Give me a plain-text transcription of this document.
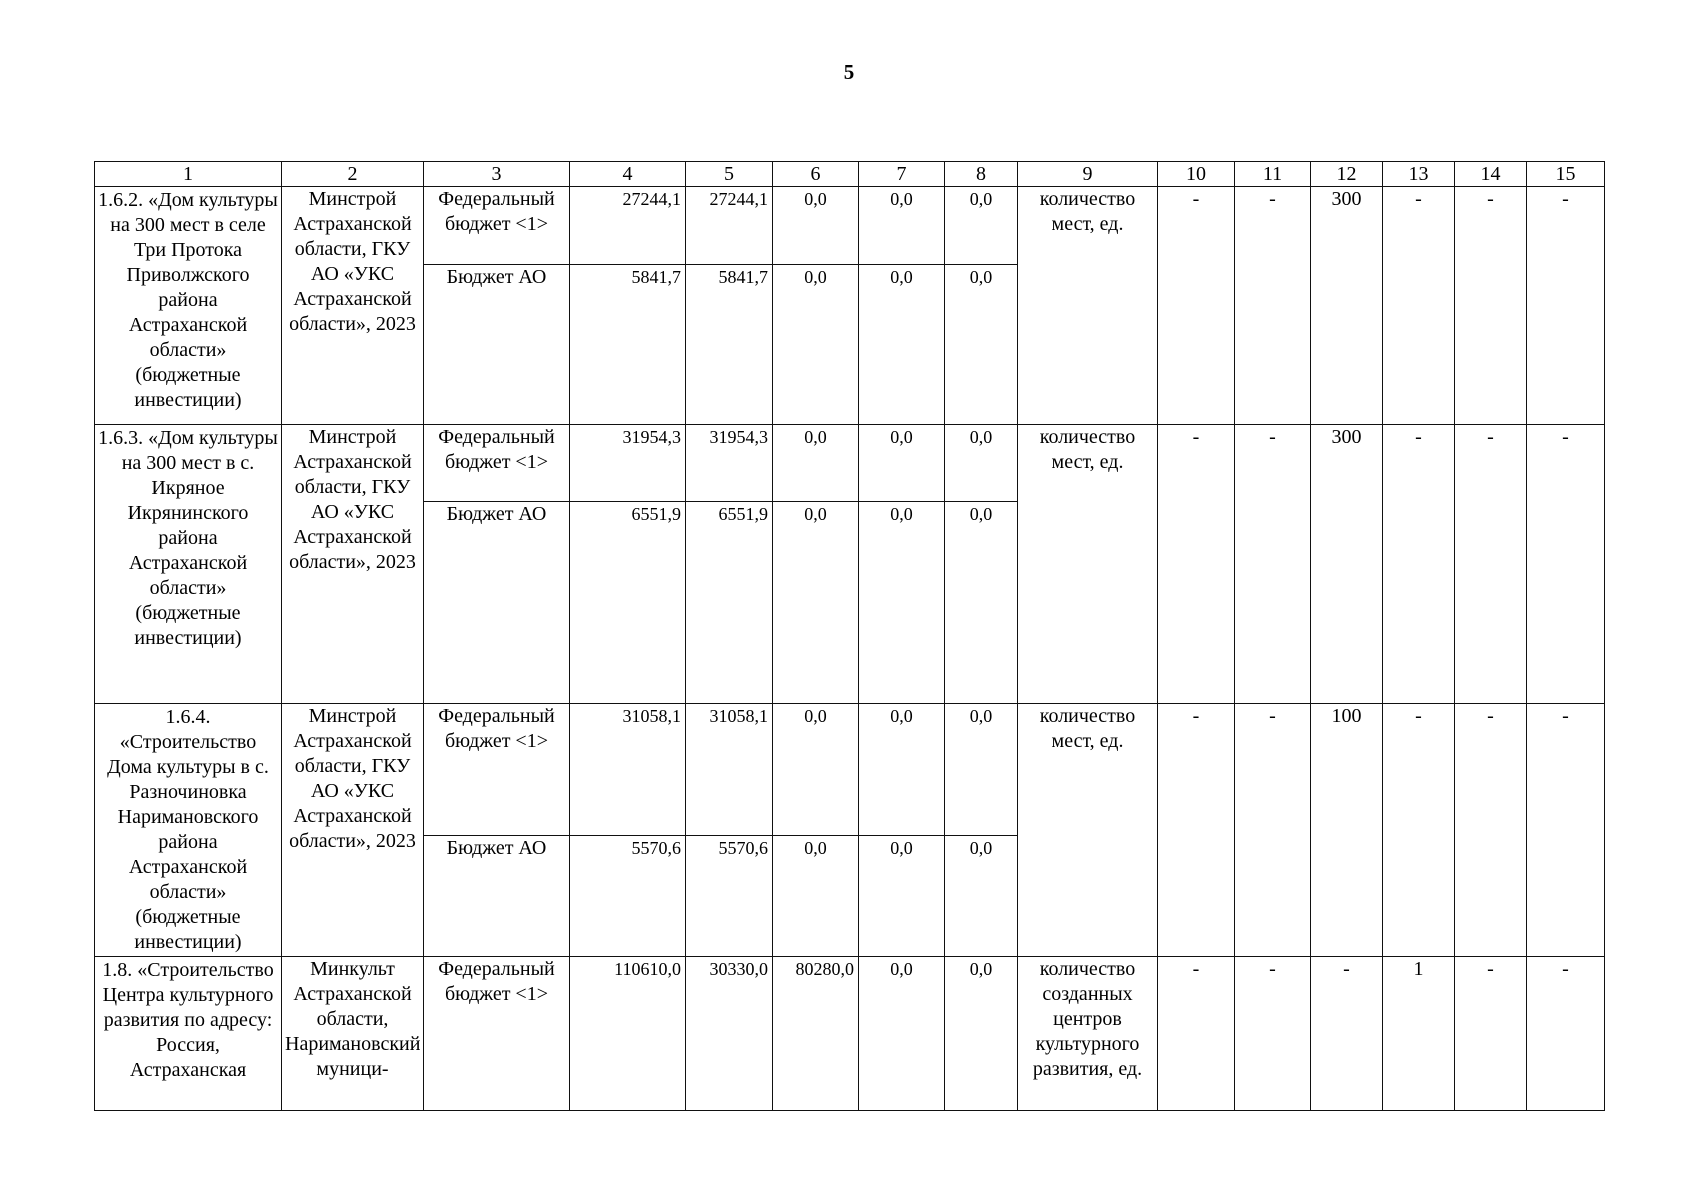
5
1	2	3	4	5	6	7	8	9	10	11	12	13	14	15
1.6.2. «Дом культуры на 300 мест в селе Три Протока Приволжского района Астраханской области» (бюджетные инвестиции)	Минстрой Астраханской области, ГКУ АО «УКС Астраханской области», 2023	Федеральный бюджет <1>	27244,1	27244,1	0,0	0,0	0,0	количество мест, ед.	-	-	300	-	-	-
		Бюджет АО	5841,7	5841,7	0,0	0,0	0,0							
1.6.3. «Дом культуры на 300 мест в с. Икряное Икрянинского района Астраханской области» (бюджетные инвестиции)	Минстрой Астраханской области, ГКУ АО «УКС Астраханской области», 2023	Федеральный бюджет <1>	31954,3	31954,3	0,0	0,0	0,0	количество мест, ед.	-	-	300	-	-	-
		Бюджет АО	6551,9	6551,9	0,0	0,0	0,0							
1.6.4. «Строительство Дома культуры в с. Разночиновка Наримановского района Астраханской области» (бюджетные инвестиции)	Минстрой Астраханской области, ГКУ АО «УКС Астраханской области», 2023	Федеральный бюджет <1>	31058,1	31058,1	0,0	0,0	0,0	количество мест, ед.	-	-	100	-	-	-
		Бюджет АО	5570,6	5570,6	0,0	0,0	0,0							
1.8. «Строительство Центра культурного развития по адресу: Россия, Астраханская	Минкульт Астраханской области, Наримановский муници-	Федеральный бюджет <1>	110610,0	30330,0	80280,0	0,0	0,0	количество созданных центров культурного развития, ед.	-	-	-	1	-	-
